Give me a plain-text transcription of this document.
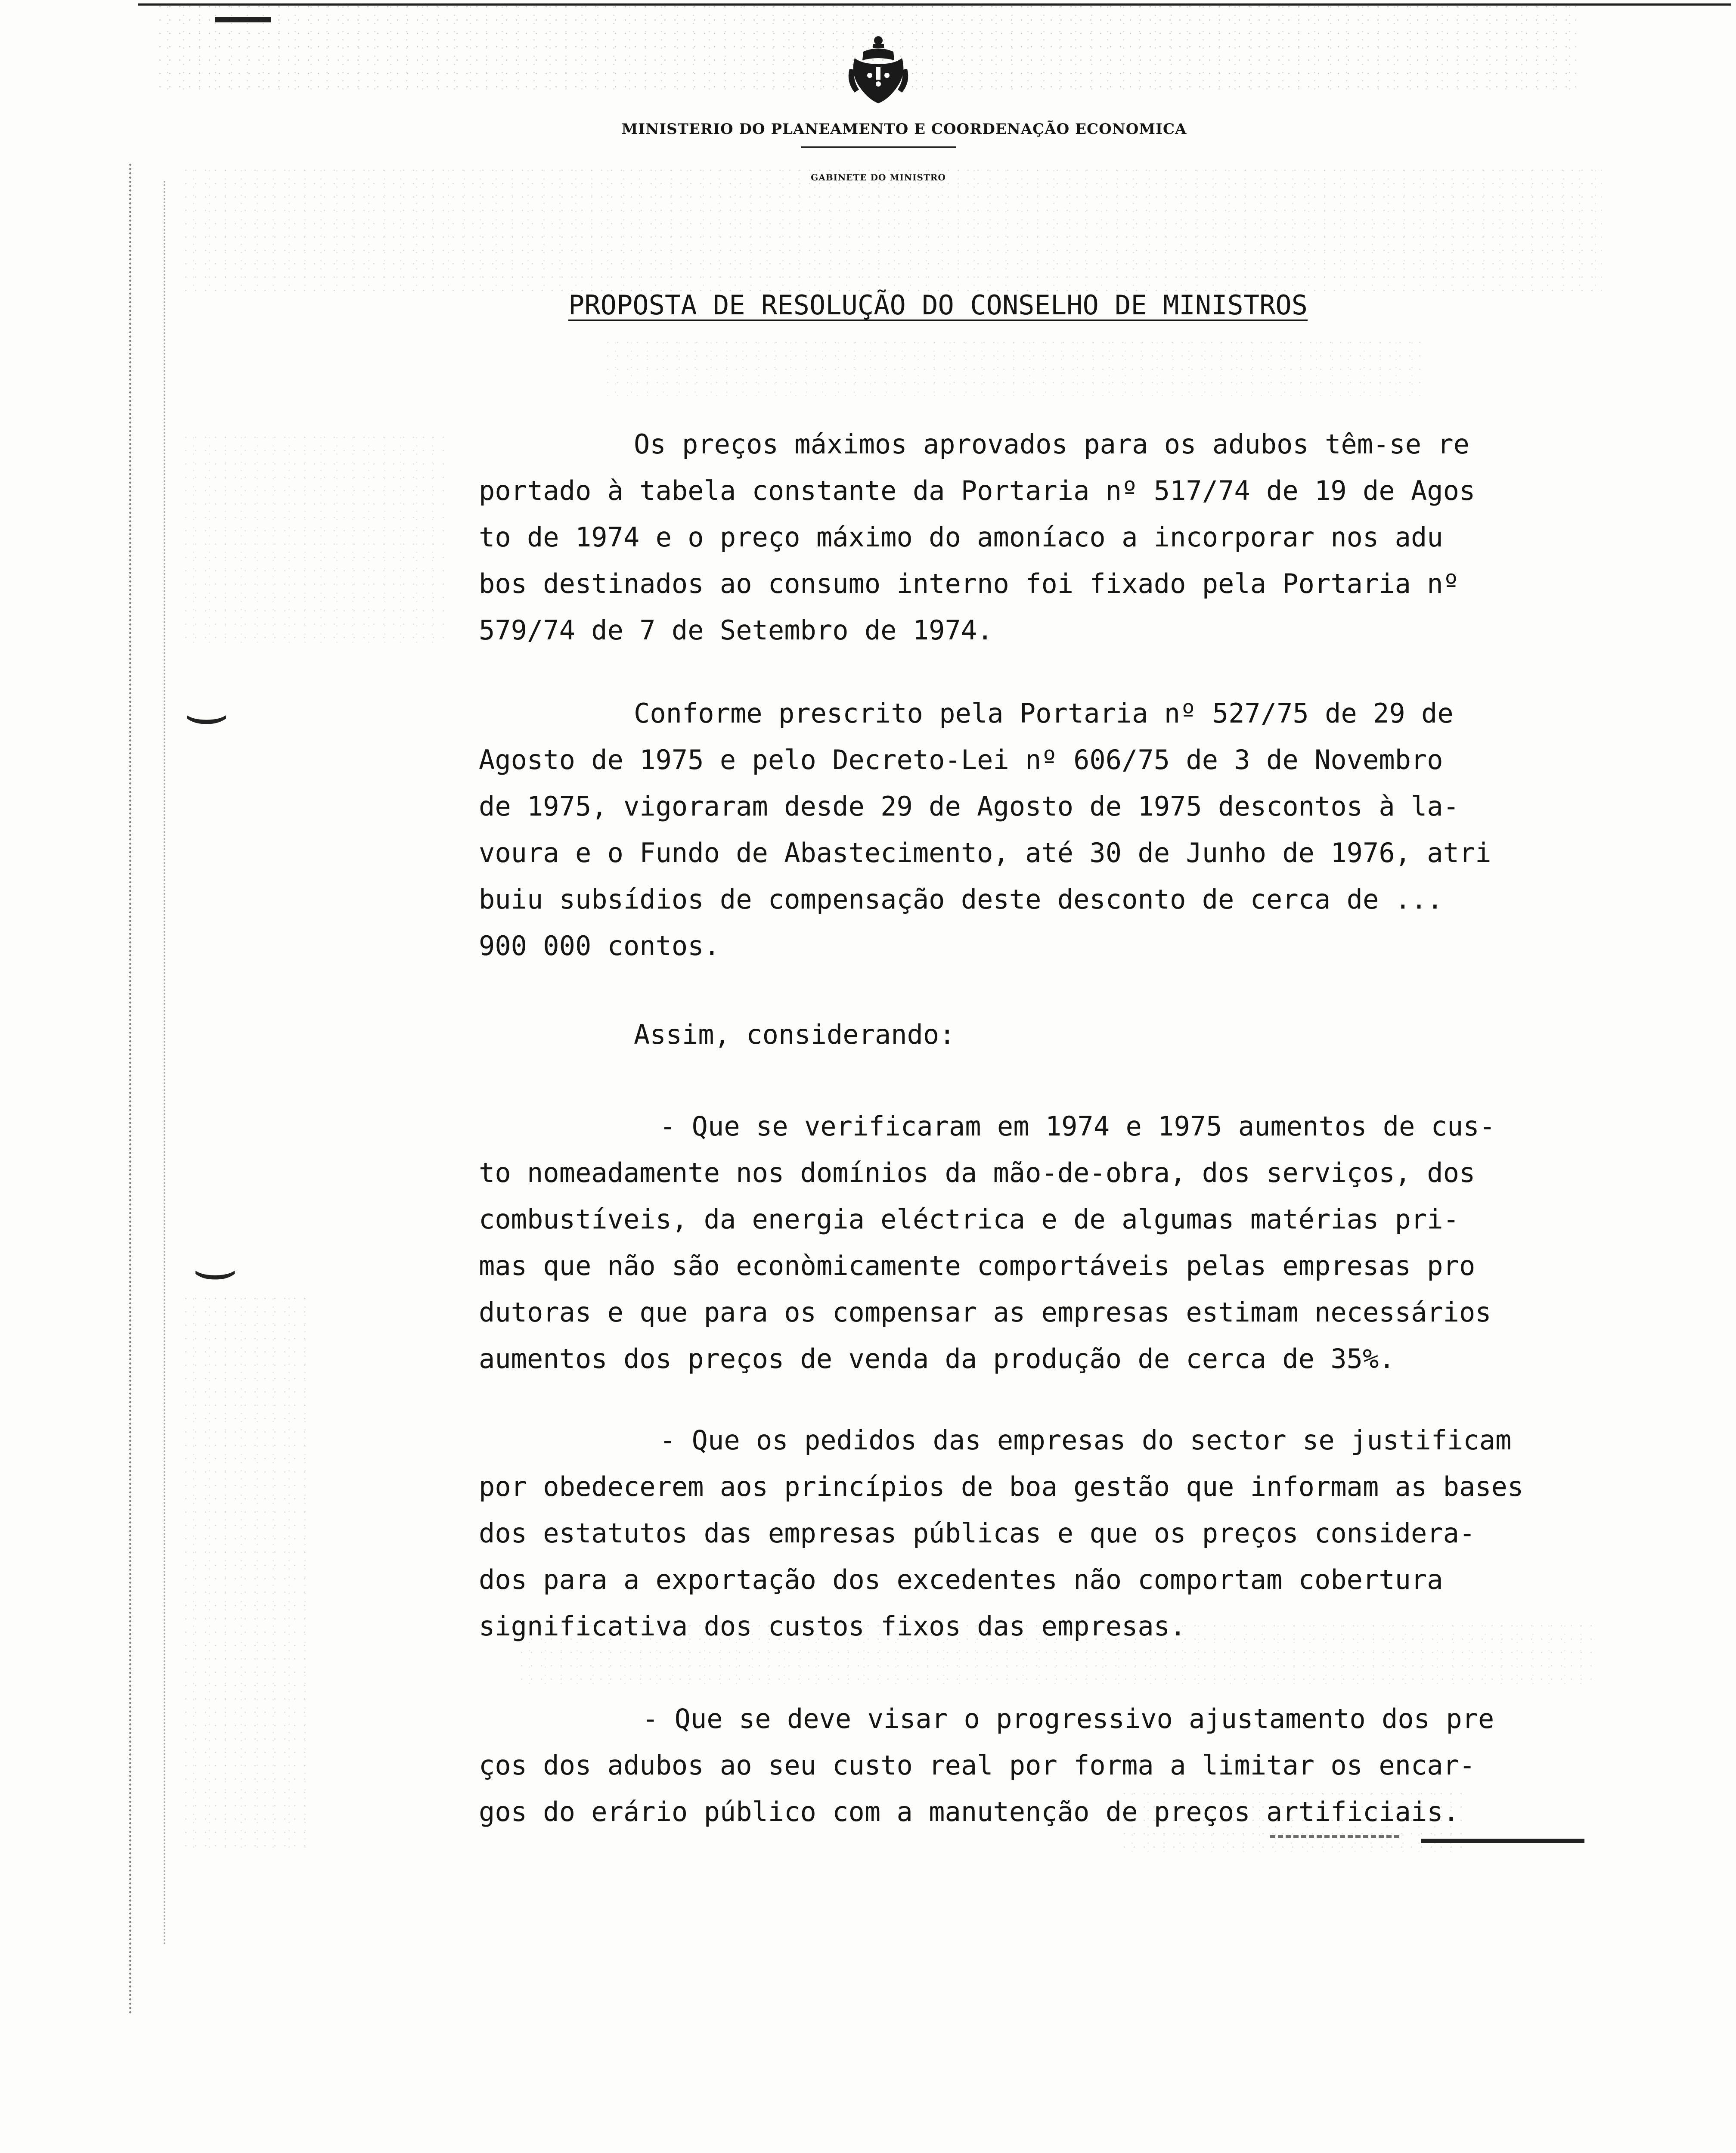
⌣
⌣
MINISTERIO DO PLANEAMENTO E COORDENAÇÃO ECONOMICA
GABINETE DO MINISTRO
PROPOSTA DE RESOLUÇÃO DO CONSELHO DE MINISTROS
Os preços máximos aprovados para os adubos têm-se re
portado à tabela constante da Portaria nº 517/74 de 19 de Agos
to de 1974 e o preço máximo do amoníaco a incorporar nos adu
bos destinados ao consumo interno foi fixado pela Portaria nº
579/74 de 7 de Setembro de 1974.
Conforme prescrito pela Portaria nº 527/75 de 29 de
Agosto de 1975 e pelo Decreto-Lei nº 606/75 de 3 de Novembro
de 1975, vigoraram desde 29 de Agosto de 1975 descontos à la-
voura e o Fundo de Abastecimento, até 30 de Junho de 1976, atri
buiu subsídios de compensação deste desconto de cerca de ...
900 000 contos.
Assim, considerando:
- Que se verificaram em 1974 e 1975 aumentos de cus-
to nomeadamente nos domínios da mão-de-obra, dos serviços, dos
combustíveis, da energia eléctrica e de algumas matérias pri-
mas que não são econòmicamente comportáveis pelas empresas pro
dutoras e que para os compensar as empresas estimam necessários
aumentos dos preços de venda da produção de cerca de 35%.
- Que os pedidos das empresas do sector se justificam
por obedecerem aos princípios de boa gestão que informam as bases
dos estatutos das empresas públicas e que os preços considera-
dos para a exportação dos excedentes não comportam cobertura
significativa dos custos fixos das empresas.
- Que se deve visar o progressivo ajustamento dos pre
ços dos adubos ao seu custo real por forma a limitar os encar-
gos do erário público com a manutenção de preços artificiais.
